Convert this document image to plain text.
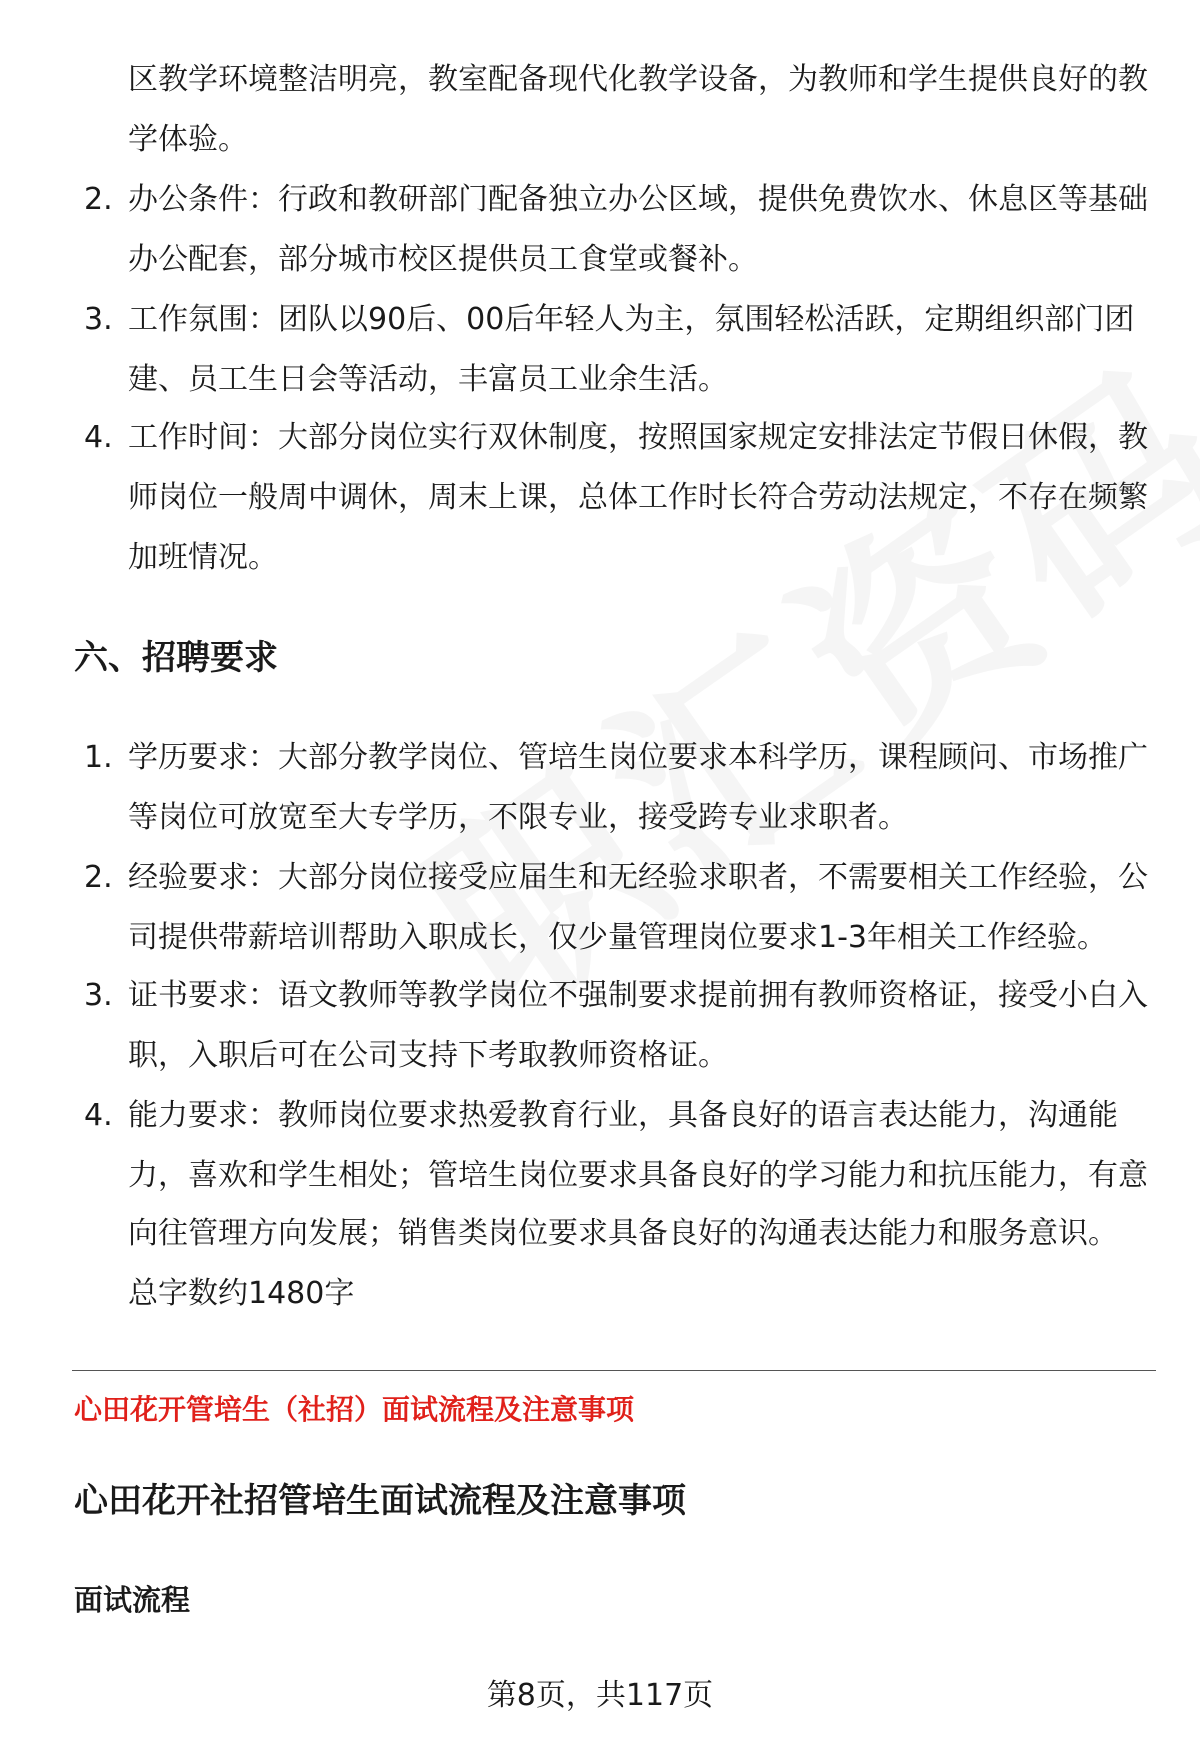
区教学环境整洁明亮，教室配备现代化教学设备，为教师和学生提供良好的教
学体验。
2. 办公条件：行政和教研部门配备独立办公区域，提供免费饮水、休息区等基础
办公配套，部分城市校区提供员工食堂或餐补。
3. 工作氛围：团队以90后、00后年轻人为主，氛围轻松活跃，定期组织部门团
建、员工生日会等活动，丰富员工业余生活。
4. 工作时间：大部分岗位实行双休制度，按照国家规定安排法定节假日休假，教
师岗位一般周中调休，周末上课，总体工作时长符合劳动法规定，不存在频繁
加班情况。
六、招聘要求
1. 学历要求：大部分教学岗位、管培生岗位要求本科学历，课程顾问、市场推广
等岗位可放宽至大专学历，不限专业，接受跨专业求职者。
2. 经验要求：大部分岗位接受应届生和无经验求职者，不需要相关工作经验，公
司提供带薪培训帮助入职成长，仅少量管理岗位要求1-3年相关工作经验。
3. 证书要求：语文教师等教学岗位不强制要求提前拥有教师资格证，接受小白入
职，入职后可在公司支持下考取教师资格证。
4. 能力要求：教师岗位要求热爱教育行业，具备良好的语言表达能力，沟通能
力，喜欢和学生相处；管培生岗位要求具备良好的学习能力和抗压能力，有意
向往管理方向发展；销售类岗位要求具备良好的沟通表达能力和服务意识。
总字数约1480字
心田花开管培生（社招）面试流程及注意事项
心田花开社招管培生面试流程及注意事项
面试流程
第8页，共117页
